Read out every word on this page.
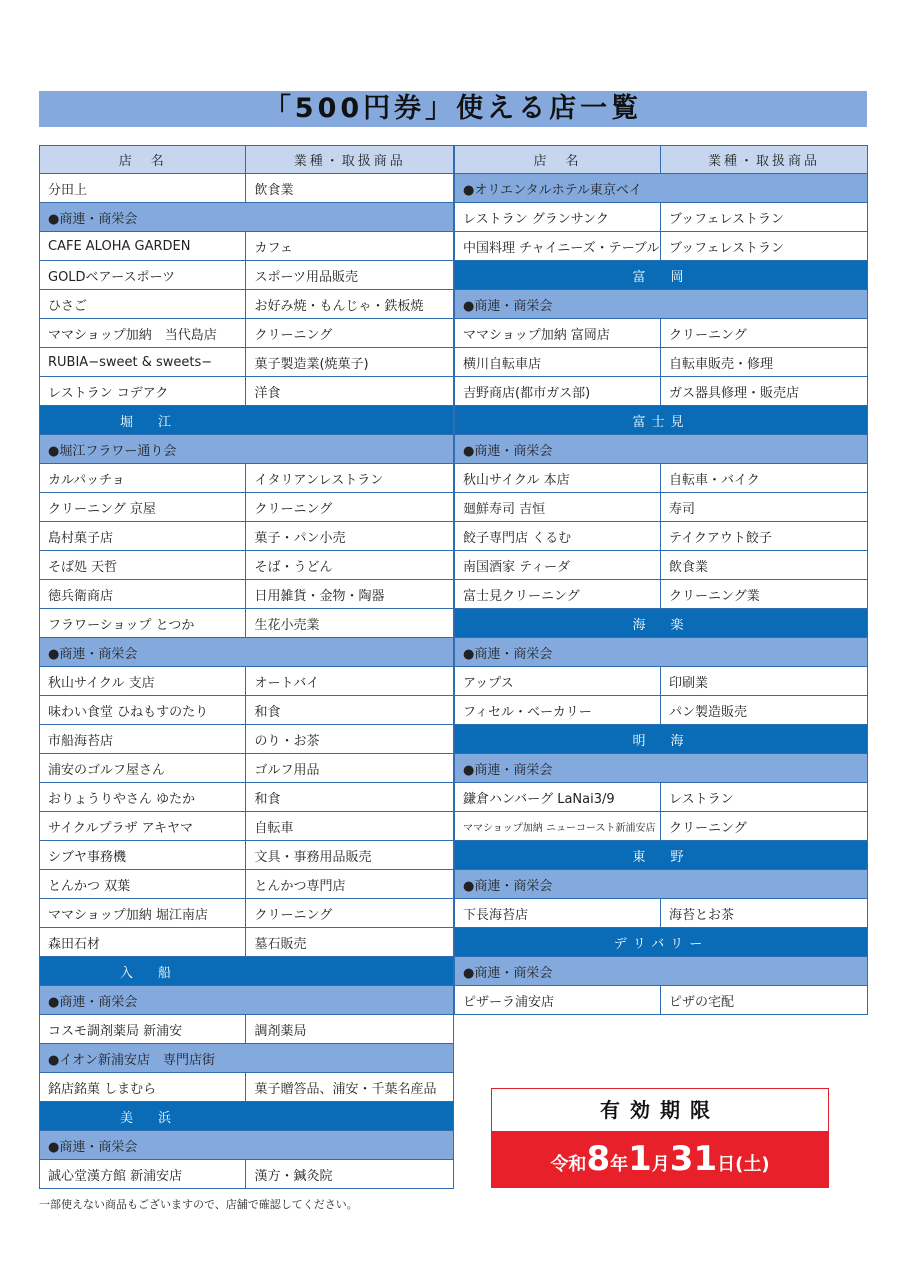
「500円券」使える店一覧
店　名	業種・取扱商品
分田上	飲食業
●商連・商栄会	
CAFE ALOHA GARDEN	カフェ
GOLDベアースポーツ	スポーツ用品販売
ひさご	お好み焼・もんじゃ・鉄板焼
ママショップ加納　当代島店	クリーニング
RUBIA−sweet & sweets−	菓子製造業(焼菓子)
レストラン コデアク	洋食
堀　江	
●堀江フラワー通り会	
カルパッチョ	イタリアンレストラン
クリーニング 京屋	クリーニング
島村菓子店	菓子・パン小売
そば処 天哲	そば・うどん
徳兵衛商店	日用雑貨・金物・陶器
フラワーショップ とつか	生花小売業
●商連・商栄会	
秋山サイクル 支店	オートバイ
味わい食堂 ひねもすのたり	和食
市船海苔店	のり・お茶
浦安のゴルフ屋さん	ゴルフ用品
おりょうりやさん ゆたか	和食
サイクルプラザ アキヤマ	自転車
シブヤ事務機	文具・事務用品販売
とんかつ 双葉	とんかつ専門店
ママショップ加納 堀江南店	クリーニング
森田石材	墓石販売
入　船	
●商連・商栄会	
コスモ調剤薬局 新浦安	調剤薬局
●イオン新浦安店　専門店街	
銘店銘菓 しまむら	菓子贈答品、浦安・千葉名産品
美　浜	
●商連・商栄会	
誠心堂漢方館 新浦安店	漢方・鍼灸院
店　名	業種・取扱商品
●オリエンタルホテル東京ベイ	
レストラン グランサンク	ブッフェレストラン
中国料理 チャイニーズ・テーブル	ブッフェレストラン
富　岡	
●商連・商栄会	
ママショップ加納 富岡店	クリーニング
横川自転車店	自転車販売・修理
吉野商店(都市ガス部)	ガス器具修理・販売店
富士見	
●商連・商栄会	
秋山サイクル 本店	自転車・バイク
廻鮮寿司 吉恒	寿司
餃子専門店 くるむ	テイクアウト餃子
南国酒家 ティーダ	飲食業
富士見クリーニング	クリーニング業
海　楽	
●商連・商栄会	
アップス	印刷業
フィセル・ベーカリー	パン製造販売
明　海	
●商連・商栄会	
鎌倉ハンバーグ LaNai3/9	レストラン
ママショップ加納 ニューコースト新浦安店	クリーニング
東　野	
●商連・商栄会	
下長海苔店	海苔とお茶
デリバリー	
●商連・商栄会	
ピザーラ浦安店	ピザの宅配
有効期限
令和8年1月31日(土)
一部使えない商品もございますので、店舗で確認してください。
